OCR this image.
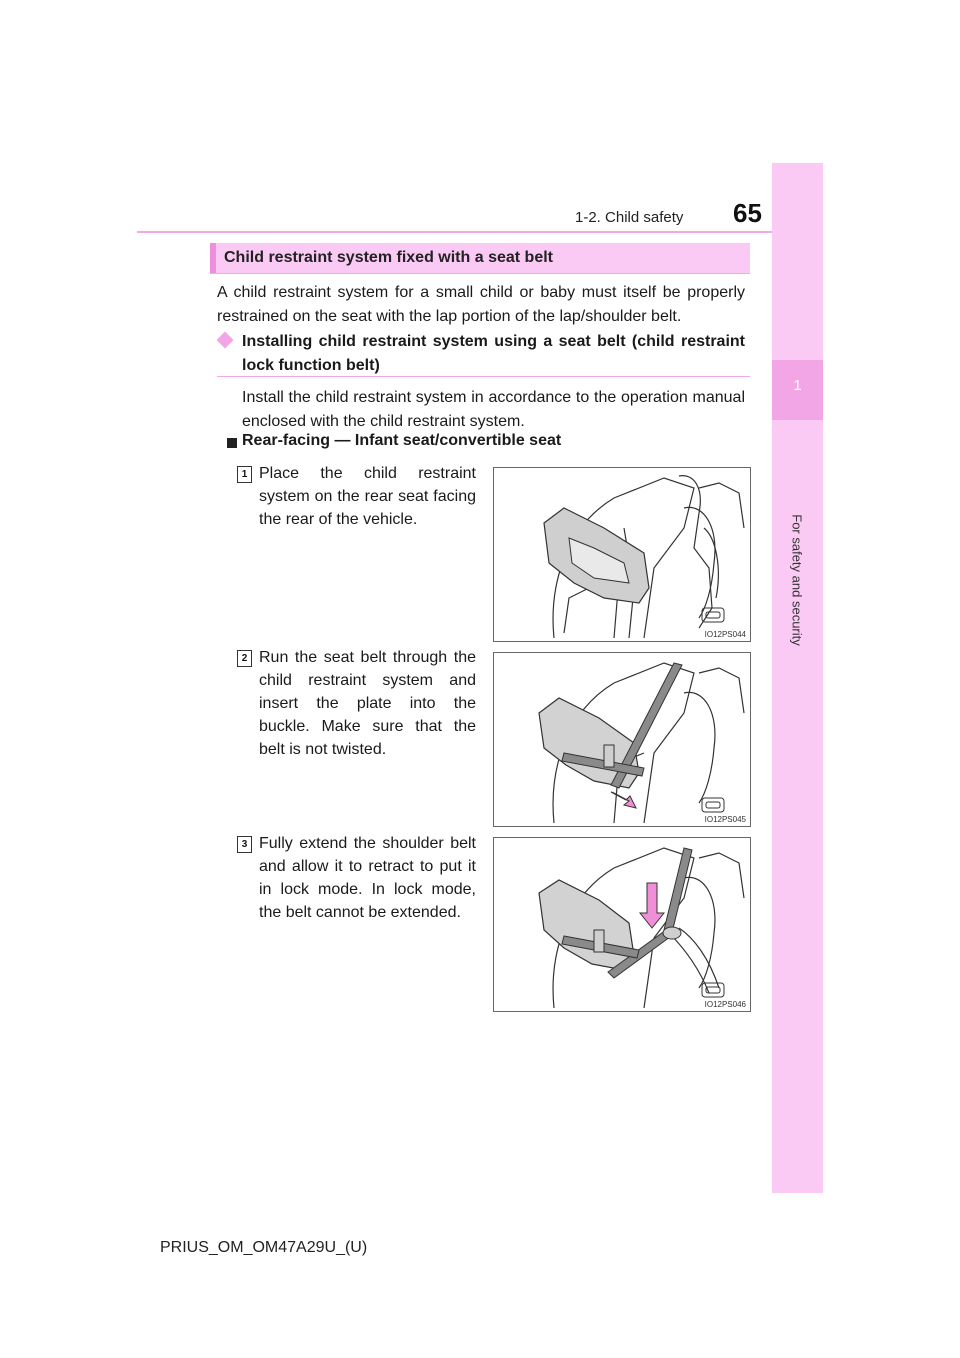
1-2. Child safety 65
1
For safety and security
Child restraint system fixed with a seat belt
A child restraint system for a small child or baby must itself be properly restrained on the seat with the lap portion of the lap/shoulder belt.
Installing child restraint system using a seat belt (child restraint lock function belt)
Install the child restraint system in accordance to the operation manual enclosed with the child restraint system.
Rear-facing — Infant seat/convertible seat
1 Place the child restraint system on the rear seat facing the rear of the vehicle.
IO12PS044
2 Run the seat belt through the child restraint system and insert the plate into the buckle. Make sure that the belt is not twisted.
IO12PS045
3 Fully extend the shoulder belt and allow it to retract to put it in lock mode. In lock mode, the belt cannot be extended.
IO12PS046
PRIUS_OM_OM47A29U_(U)
